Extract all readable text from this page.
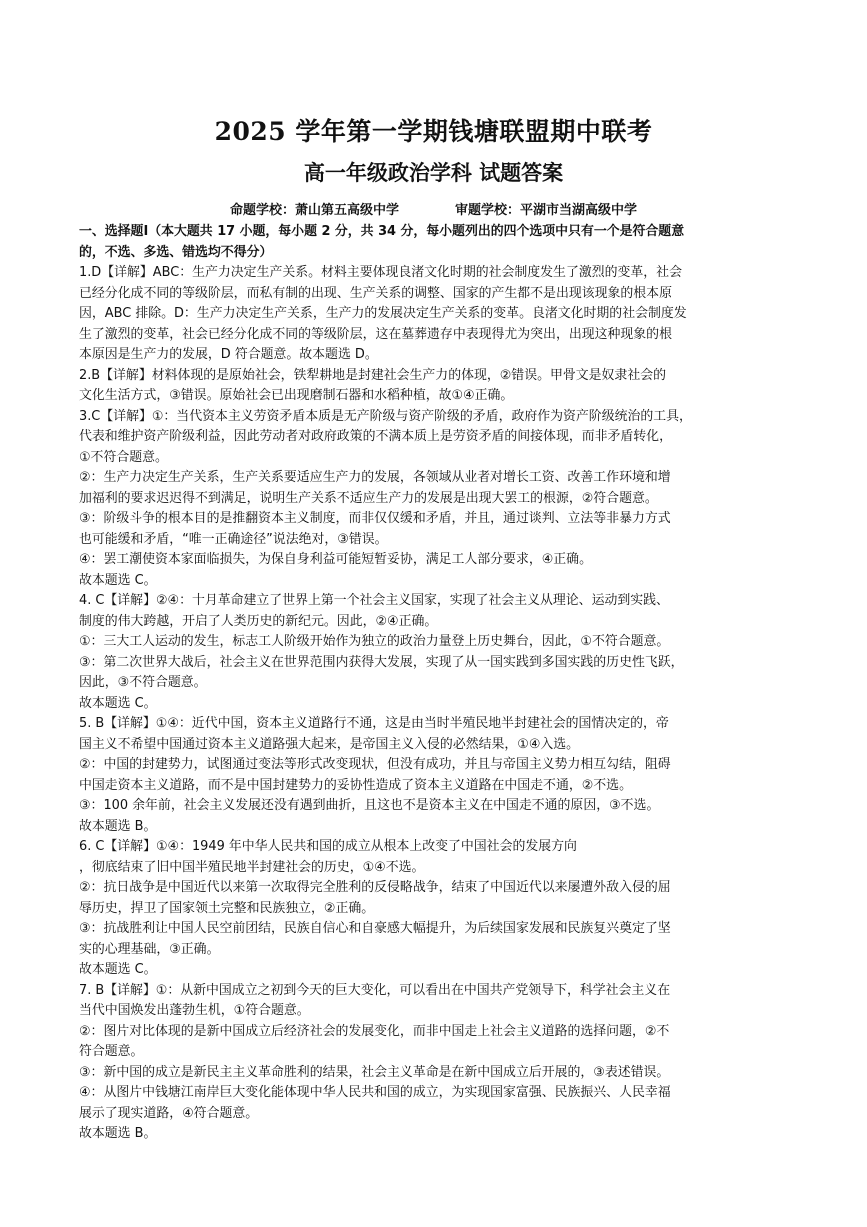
2025 学年第一学期钱塘联盟期中联考
高一年级政治学科 试题答案
命题学校：萧山第五高级中学	审题学校：平湖市当湖高级中学
一、选择题Ⅰ（本大题共 17 小题，每小题 2 分，共 34 分，每小题列出的四个选项中只有一个是符合题意
的，不选、多选、错选均不得分）
1.D【详解】ABC：生产力决定生产关系。材料主要体现良渚文化时期的社会制度发生了激烈的变革，社会
已经分化成不同的等级阶层，而私有制的出现、生产关系的调整、国家的产生都不是出现该现象的根本原
因，ABC 排除。D：生产力决定生产关系，生产力的发展决定生产关系的变革。良渚文化时期的社会制度发
生了激烈的变革，社会已经分化成不同的等级阶层，这在墓葬遗存中表现得尤为突出，出现这种现象的根
本原因是生产力的发展，D 符合题意。故本题选 D。
2.B【详解】材料体现的是原始社会，铁犁耕地是封建社会生产力的体现，②错误。甲骨文是奴隶社会的
文化生活方式，③错误。原始社会已出现磨制石器和水稻种植，故①④正确。
3.C【详解】①：当代资本主义劳资矛盾本质是无产阶级与资产阶级的矛盾，政府作为资产阶级统治的工具，
代表和维护资产阶级利益，因此劳动者对政府政策的不满本质上是劳资矛盾的间接体现，而非矛盾转化，
①不符合题意。
②：生产力决定生产关系，生产关系要适应生产力的发展，各领域从业者对增长工资、改善工作环境和增
加福利的要求迟迟得不到满足，说明生产关系不适应生产力的发展是出现大罢工的根源，②符合题意。
③：阶级斗争的根本目的是推翻资本主义制度，而非仅仅缓和矛盾，并且，通过谈判、立法等非暴力方式
也可能缓和矛盾，“唯一正确途径”说法绝对，③错误。
④：罢工潮使资本家面临损失，为保自身利益可能短暂妥协，满足工人部分要求，④正确。
故本题选 C。
4. C【详解】②④：十月革命建立了世界上第一个社会主义国家，实现了社会主义从理论、运动到实践、
制度的伟大跨越，开启了人类历史的新纪元。因此，②④正确。
①：三大工人运动的发生，标志工人阶级开始作为独立的政治力量登上历史舞台，因此，①不符合题意。
③：第二次世界大战后，社会主义在世界范围内获得大发展，实现了从一国实践到多国实践的历史性飞跃，
因此，③不符合题意。
故本题选 C。
5. B【详解】①④：近代中国，资本主义道路行不通，这是由当时半殖民地半封建社会的国情决定的，帝
国主义不希望中国通过资本主义道路强大起来，是帝国主义入侵的必然结果，①④入选。
②：中国的封建势力，试图通过变法等形式改变现状，但没有成功，并且与帝国主义势力相互勾结，阻碍
中国走资本主义道路，而不是中国封建势力的妥协性造成了资本主义道路在中国走不通，②不选。
③：100 余年前，社会主义发展还没有遇到曲折，且这也不是资本主义在中国走不通的原因，③不选。
故本题选 B。
6. C【详解】①④：1949 年中华人民共和国的成立从根本上改变了中国社会的发展方向
，彻底结束了旧中国半殖民地半封建社会的历史，①④不选。
②：抗日战争是中国近代以来第一次取得完全胜利的反侵略战争，结束了中国近代以来屡遭外敌入侵的屈
辱历史，捍卫了国家领土完整和民族独立，②正确。
③：抗战胜利让中国人民空前团结，民族自信心和自豪感大幅提升，为后续国家发展和民族复兴奠定了坚
实的心理基础，③正确。
故本题选 C。
7. B【详解】①：从新中国成立之初到今天的巨大变化，可以看出在中国共产党领导下，科学社会主义在
当代中国焕发出蓬勃生机，①符合题意。
②：图片对比体现的是新中国成立后经济社会的发展变化，而非中国走上社会主义道路的选择问题，②不
符合题意。
③：新中国的成立是新民主主义革命胜利的结果，社会主义革命是在新中国成立后开展的，③表述错误。
④：从图片中钱塘江南岸巨大变化能体现中华人民共和国的成立，为实现国家富强、民族振兴、人民幸福
展示了现实道路，④符合题意。
故本题选 B。
